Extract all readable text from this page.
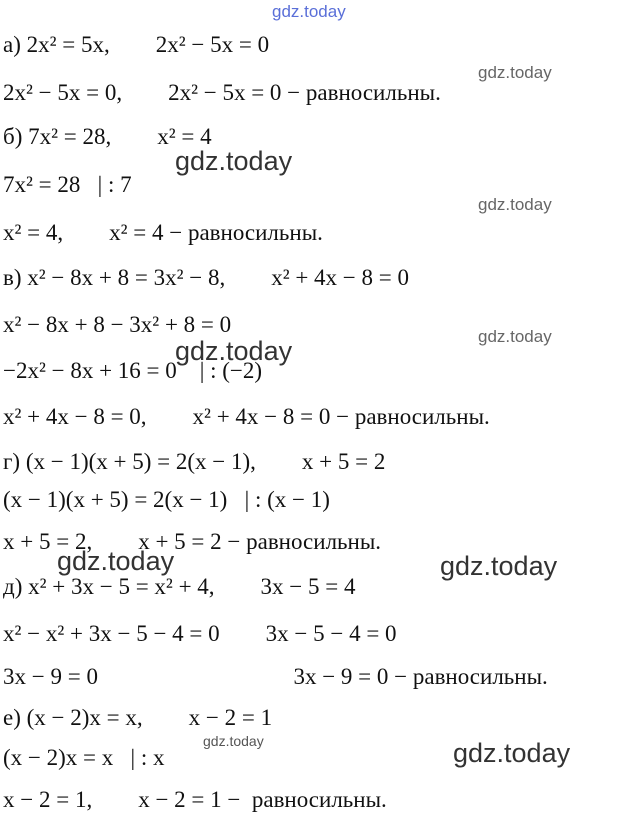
gdz.today
gdz.today
gdz.today
gdz.today
gdz.today
gdz.today
gdz.today	gdz.today
gdz.today	gdz.today
а) 2x² = 5x,        2x² − 5x = 0
2x² − 5x = 0,        2x² − 5x = 0 − равносильны.
б) 7x² = 28,        x² = 4
7x² = 28   | : 7
x² = 4,        x² = 4 − равносильны.
в) x² − 8x + 8 = 3x² − 8,        x² + 4x − 8 = 0
x² − 8x + 8 − 3x² + 8 = 0
−2x² − 8x + 16 = 0    | : (−2)
x² + 4x − 8 = 0,        x² + 4x − 8 = 0 − равносильны.
г) (x − 1)(x + 5) = 2(x − 1),        x + 5 = 2
(x − 1)(x + 5) = 2(x − 1)   | : (x − 1)
x + 5 = 2,        x + 5 = 2 − равносильны.
д) x² + 3x − 5 = x² + 4,        3x − 5 = 4
x² − x² + 3x − 5 − 4 = 0        3x − 5 − 4 = 0
3x − 9 = 0                                  3x − 9 = 0 − равносильны.
е) (x − 2)x = x,        x − 2 = 1
(x − 2)x = x   | : x
x − 2 = 1,        x − 2 = 1 −  равносильны.
